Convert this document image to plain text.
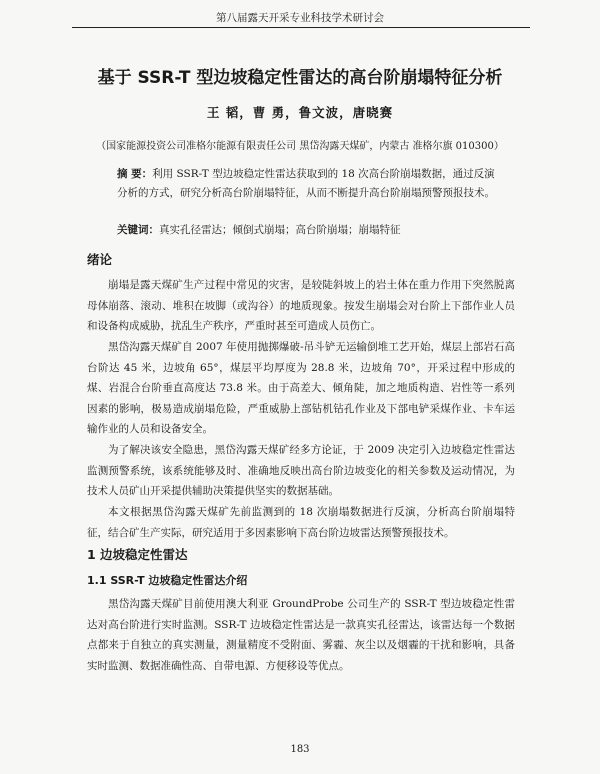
第八届露天开采专业科技学术研讨会
基于 SSR-T 型边坡稳定性雷达的高台阶崩塌特征分析
王 韬，曹 勇，鲁文波，唐晓赛
（国家能源投资公司准格尔能源有限责任公司 黑岱沟露天煤矿，内蒙古 准格尔旗 010300）
摘 要：利用 SSR-T 型边坡稳定性雷达获取到的 18 次高台阶崩塌数据，通过反演分析的方式，研究分析高台阶崩塌特征，从而不断提升高台阶崩塌预警预报技术。
关键词：真实孔径雷达；倾倒式崩塌；高台阶崩塌；崩塌特征
绪论
崩塌是露天煤矿生产过程中常见的灾害，是较陡斜坡上的岩土体在重力作用下突然脱离母体崩落、滚动、堆积在坡脚（或沟谷）的地质现象。按发生崩塌会对台阶上下部作业人员和设备构成威胁，扰乱生产秩序，严重时甚至可造成人员伤亡。
黑岱沟露天煤矿自 2007 年使用抛掷爆破-吊斗铲无运输倒堆工艺开始，煤层上部岩石高台阶达 45 米，边坡角 65°，煤层平均厚度为 28.8 米，边坡角 70°，开采过程中形成的煤、岩混合台阶垂直高度达 73.8 米。由于高差大、倾角陡，加之地质构造、岩性等一系列因素的影响，极易造成崩塌危险，严重威胁上部钻机钻孔作业及下部电铲采煤作业、卡车运输作业的人员和设备安全。
为了解决该安全隐患，黑岱沟露天煤矿经多方论证，于 2009 决定引入边坡稳定性雷达监测预警系统，该系统能够及时、准确地反映出高台阶边坡变化的相关参数及运动情况，为技术人员矿山开采提供辅助决策提供坚实的数据基础。
本文根据黑岱沟露天煤矿先前监测到的 18 次崩塌数据进行反演，分析高台阶崩塌特征，结合矿生产实际，研究适用于多因素影响下高台阶边坡雷达预警预报技术。
1 边坡稳定性雷达
1.1 SSR-T 边坡稳定性雷达介绍
黑岱沟露天煤矿目前使用澳大利亚 GroundProbe 公司生产的 SSR-T 型边坡稳定性雷达对高台阶进行实时监测。SSR-T 边坡稳定性雷达是一款真实孔径雷达，该雷达每一个数据点都来于自独立的真实测量，测量精度不受附面、雾霾、灰尘以及烟霾的干扰和影响，具备实时监测、数据准确性高、自带电源、方便移设等优点。
183
